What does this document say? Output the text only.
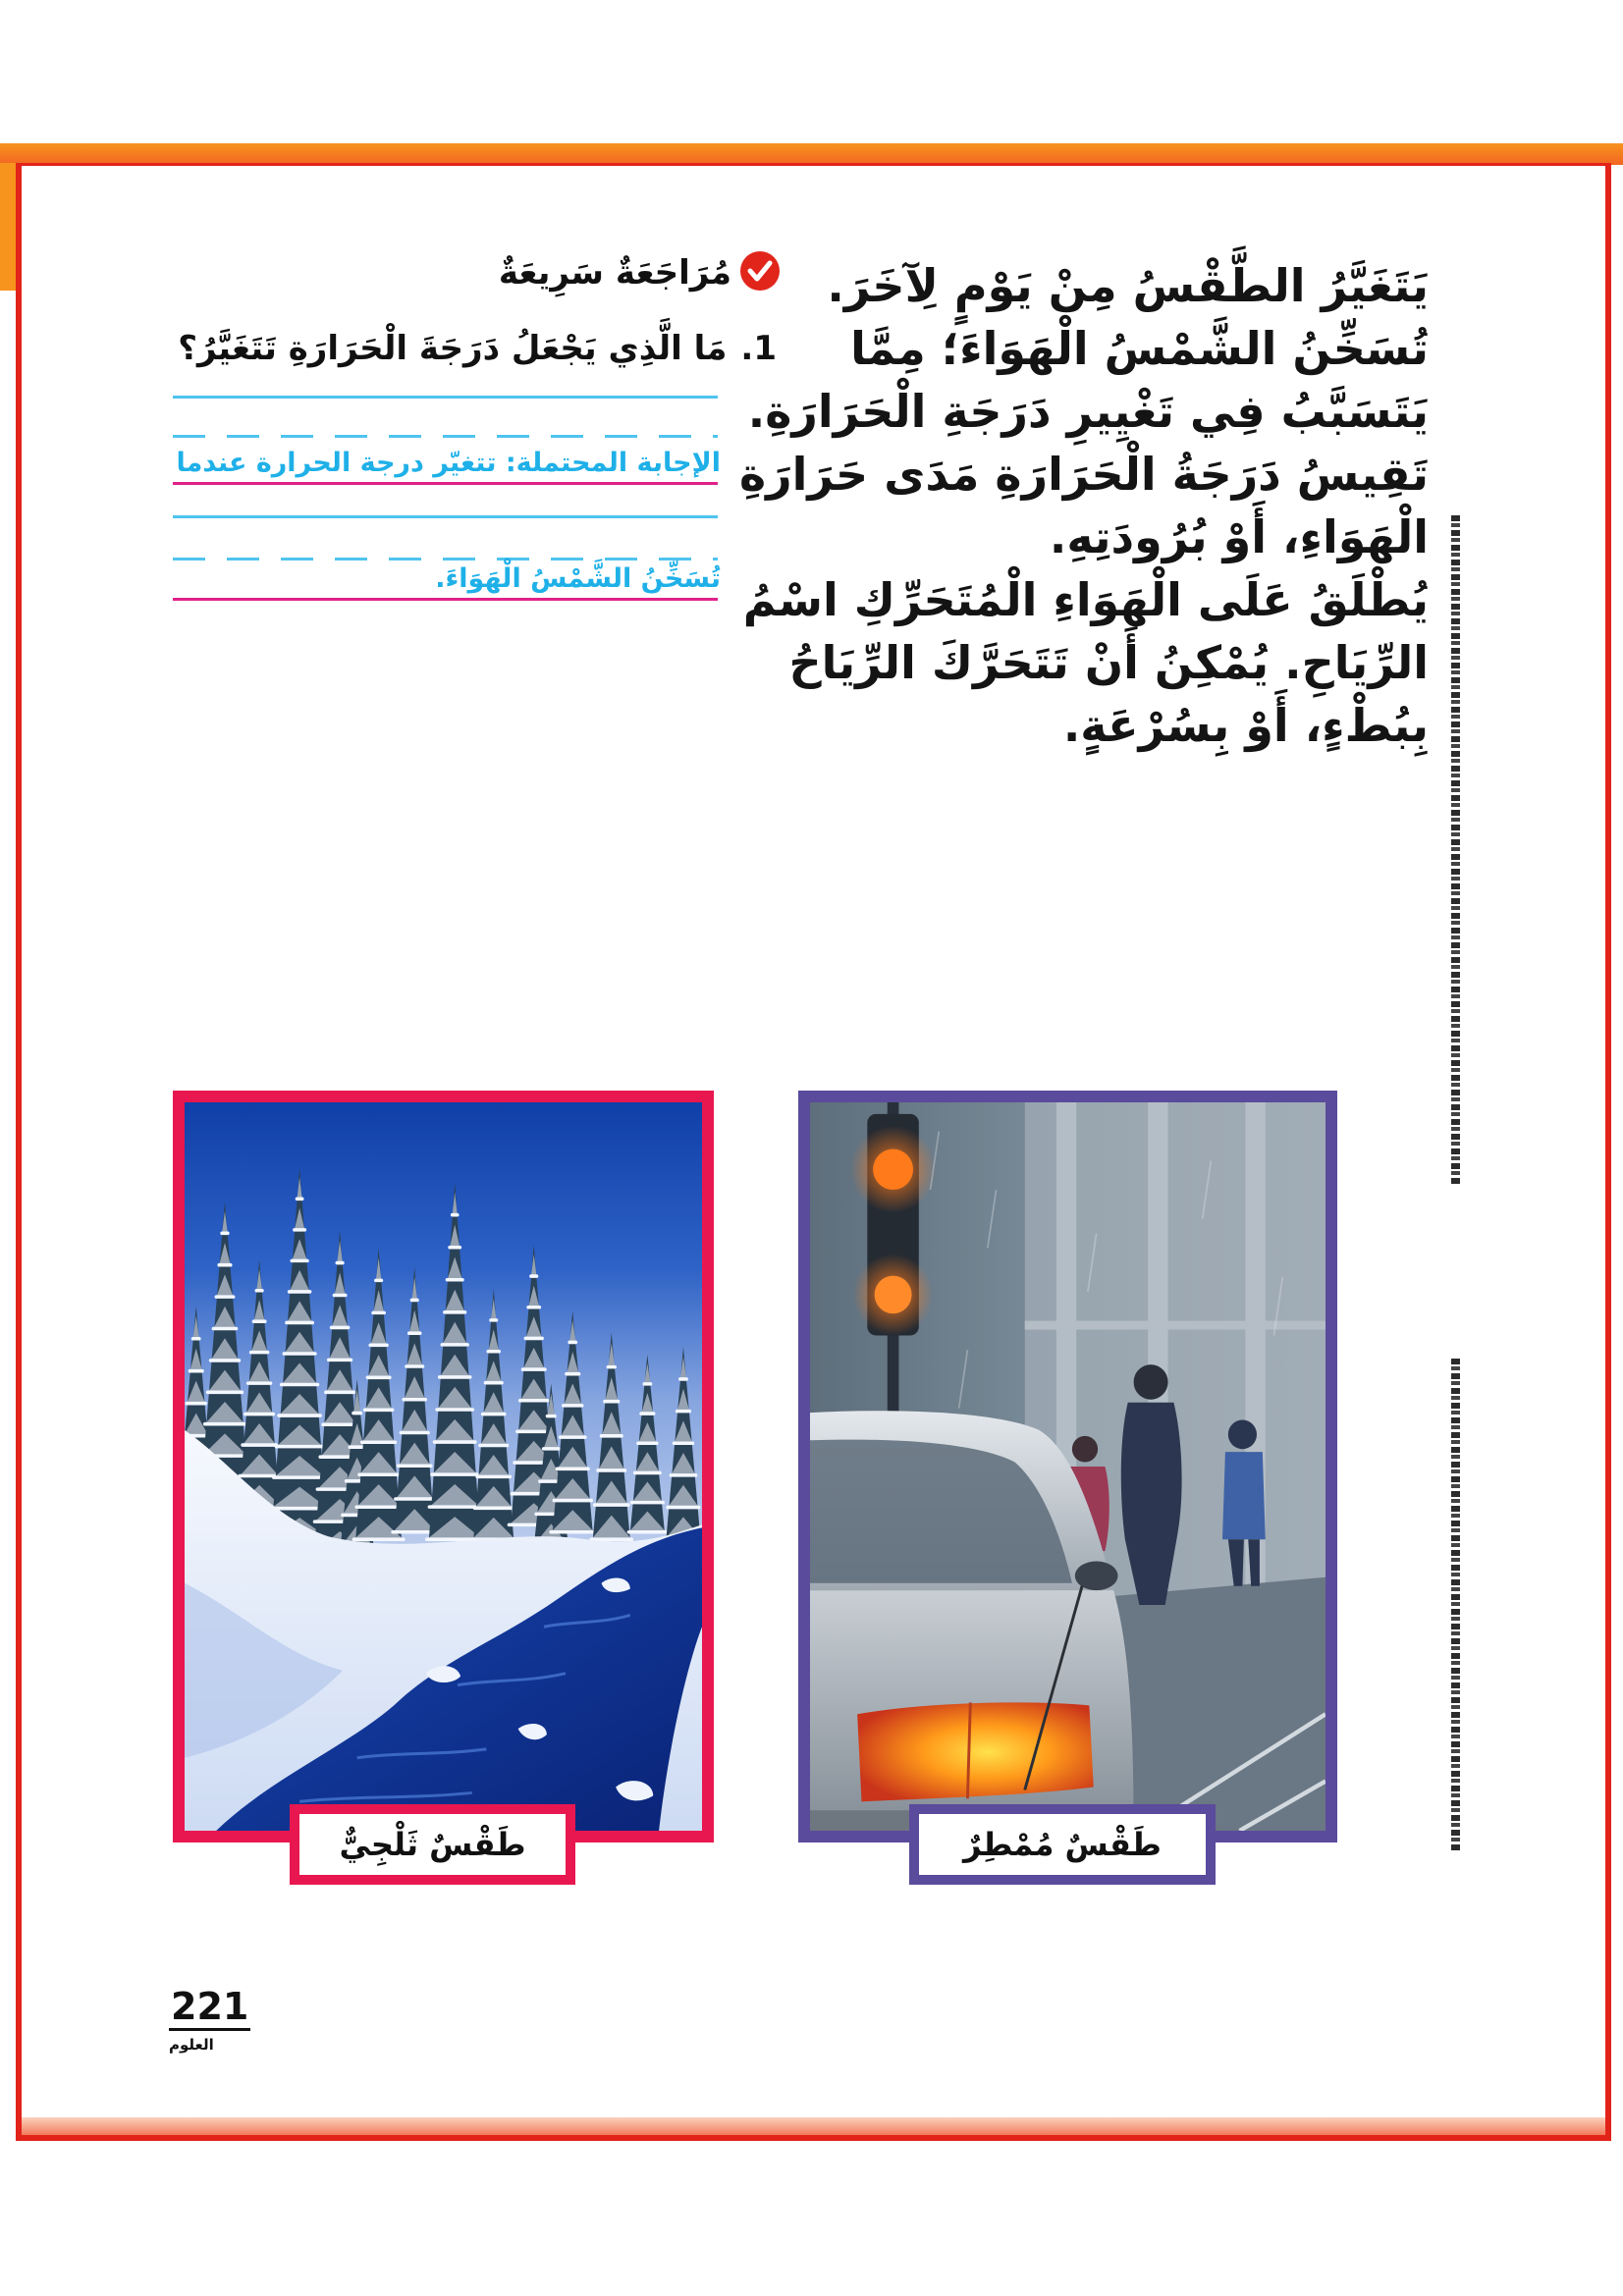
يَتَغَيَّرُ الطَّقْسُ مِنْ يَوْمٍ لِآخَرَ.
تُسَخِّنُ الشَّمْسُ الْهَوَاءَ؛ مِمَّا
يَتَسَبَّبُ فِي تَغْيِيرِ دَرَجَةِ الْحَرَارَةِ.
تَقِيسُ دَرَجَةُ الْحَرَارَةِ مَدَى حَرَارَةِ
الْهَوَاءِ، أَوْ بُرُودَتِهِ.
يُطْلَقُ عَلَى الْهَوَاءِ الْمُتَحَرِّكِ اسْمُ
الرِّيَاحِ. يُمْكِنُ أَنْ تَتَحَرَّكَ الرِّيَاحُ
بِبُطْءٍ، أَوْ بِسُرْعَةٍ.
مُرَاجَعَةٌ سَرِيعَةٌ
1.مَا الَّذِي يَجْعَلُ دَرَجَةَ الْحَرَارَةِ تَتَغَيَّرُ؟
الإجابة المحتملة: تتغيّر درجة الحرارة عندما
تُسَخِّنُ الشَّمْسُ الْهَوَاءَ.
طَقْسٌ ثَلْجِيٌّ	طَقْسٌ مُمْطِرٌ
221
العلوم
